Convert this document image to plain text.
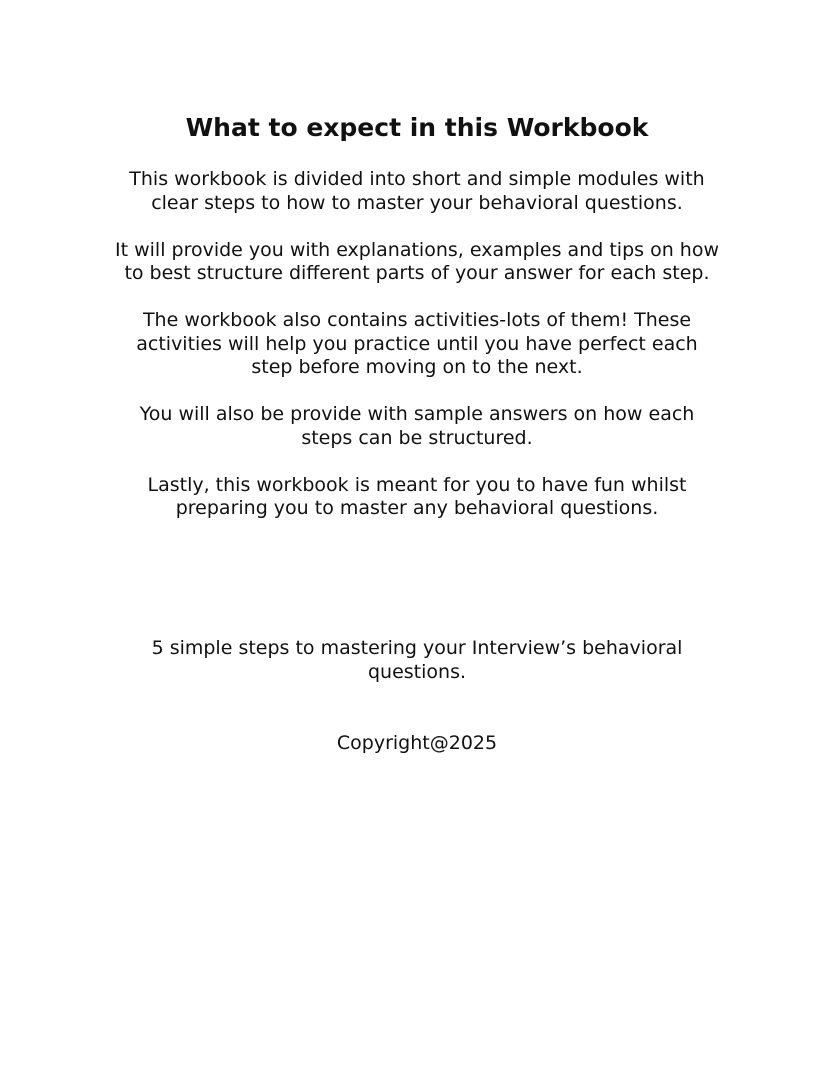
What to expect in this Workbook

This workbook is divided into short and simple modules with
clear steps to how to master your behavioral questions.

It will provide you with explanations, examples and tips on how
to best structure different parts of your answer for each step.

The workbook also contains activities-lots of them! These
activities will help you practice until you have perfect each
step before moving on to the next.

You will also be provide with sample answers on how each
steps can be structured.

Lastly, this workbook is meant for you to have fun whilst
preparing you to master any behavioral questions.

5 simple steps to mastering your Interview’s behavioral
questions.

Copyright@2025
